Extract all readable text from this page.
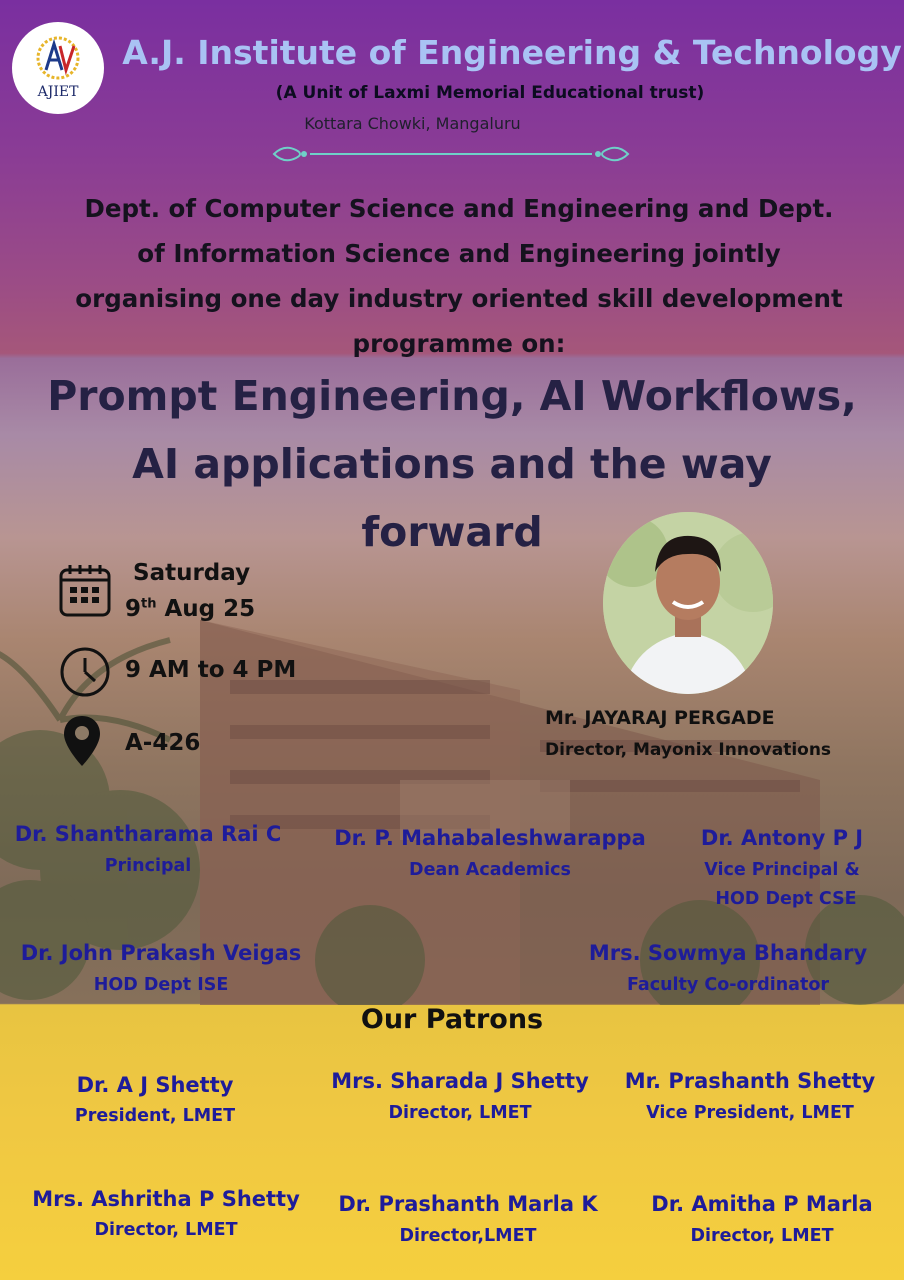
AJIET
A.J. Institute of Engineering & Technology
(A Unit of Laxmi Memorial Educational trust)
Kottara Chowki, Mangaluru
Dept. of Computer Science and Engineering and Dept.
of Information Science and Engineering jointly
organising one day industry oriented skill development
programme on:
Prompt Engineering, AI Workflows,
AI applications and the way
forward
Saturday
9th Aug 25
9 AM to 4 PM
A-426
Mr. JAYARAJ PERGADE
Director, Mayonix Innovations
Dr. Shantharama Rai C
Principal
Dr. P. Mahabaleshwarappa
Dean Academics
Dr. Antony P J
Vice Principal &
HOD Dept CSE
Dr. John Prakash Veigas
HOD Dept ISE
Mrs. Sowmya Bhandary
Faculty Co-ordinator
Our Patrons
Dr. A J Shetty
President, LMET
Mrs. Sharada J Shetty
Director, LMET
Mr. Prashanth Shetty
Vice President, LMET
Mrs. Ashritha P Shetty
Director, LMET
Dr. Prashanth Marla K
Director,LMET
Dr. Amitha P Marla
Director, LMET
